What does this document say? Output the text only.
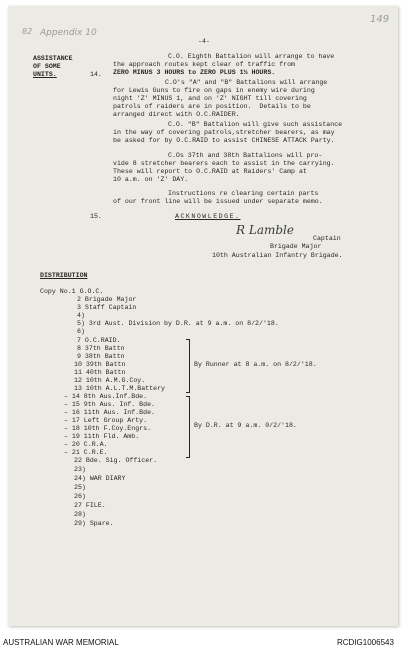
82 Appendix 10
149
-4-
ASSISTANCE
OF SOME
UNITS.	14.
C.O. Eighth Battalion will arrange to have
the approach routes kept clear of traffic from
ZERO MINUS 3 HOURS to ZERO PLUS 1½ HOURS.
C.O's "A" and "B" Battalions will arrange
for Lewis Guns to fire on gaps in enemy wire during
night 'Z' MINUS 1, and on 'Z' NIGHT till covering
patrols of raiders are in position.  Details to be
arranged direct with O.C.RAIDER.
C.O. "B" Battalion will give such assistance
in the way of covering patrols,stretcher bearers, as may
be asked for by O.C.RAID to assist CHINESE ATTACK Party.
C.Os 37th and 38th Battalions will pro-
vide 8 stretcher bearers each to assist in the carrying.
These will report to O.C.RAID at Raiders' Camp at
10 a.m. on 'Z' DAY.
Instructions re clearing certain parts
of our front line will be issued under separate memo.
15.	ACKNOWLEDGE.
R Lamble
Captain
Brigade Major
10th Australian Infantry Brigade.
DISTRIBUTION
Copy No.1 G.O.C.
2 Brigade Major
3 Staff Captain
4)
5) 3rd Aust. Division by D.R. at 9 a.m. on 8/2/'18.
6)
7 O.C.RAID.
8 37th Battn
9 38th Battn
10 39th Battn
11 40th Battn
12 10th A.M.G.Coy.
13 10th A.L.T.M.Battery
– 14 8th Aus.Inf.Bde.
– 15 9th Aus. Inf. Bde.
– 16 11th Aus. Inf.Bde.
– 17 Left Group Arty.
– 18 10th F.Coy.Engrs.
– 19 11th Fld. Amb.
– 20 C.R.A.
– 21 C.R.E.
22 Bde. Sig. Officer.
23)
24) WAR DIARY
25)
26)
27 FILE.
28)
29) Spare.
By Runner at 8 a.m. on 8/2/'18.
By D.R. at 9 a.m. 0/2/'18.
AUSTRALIAN WAR MEMORIAL	RCDIG1006543
